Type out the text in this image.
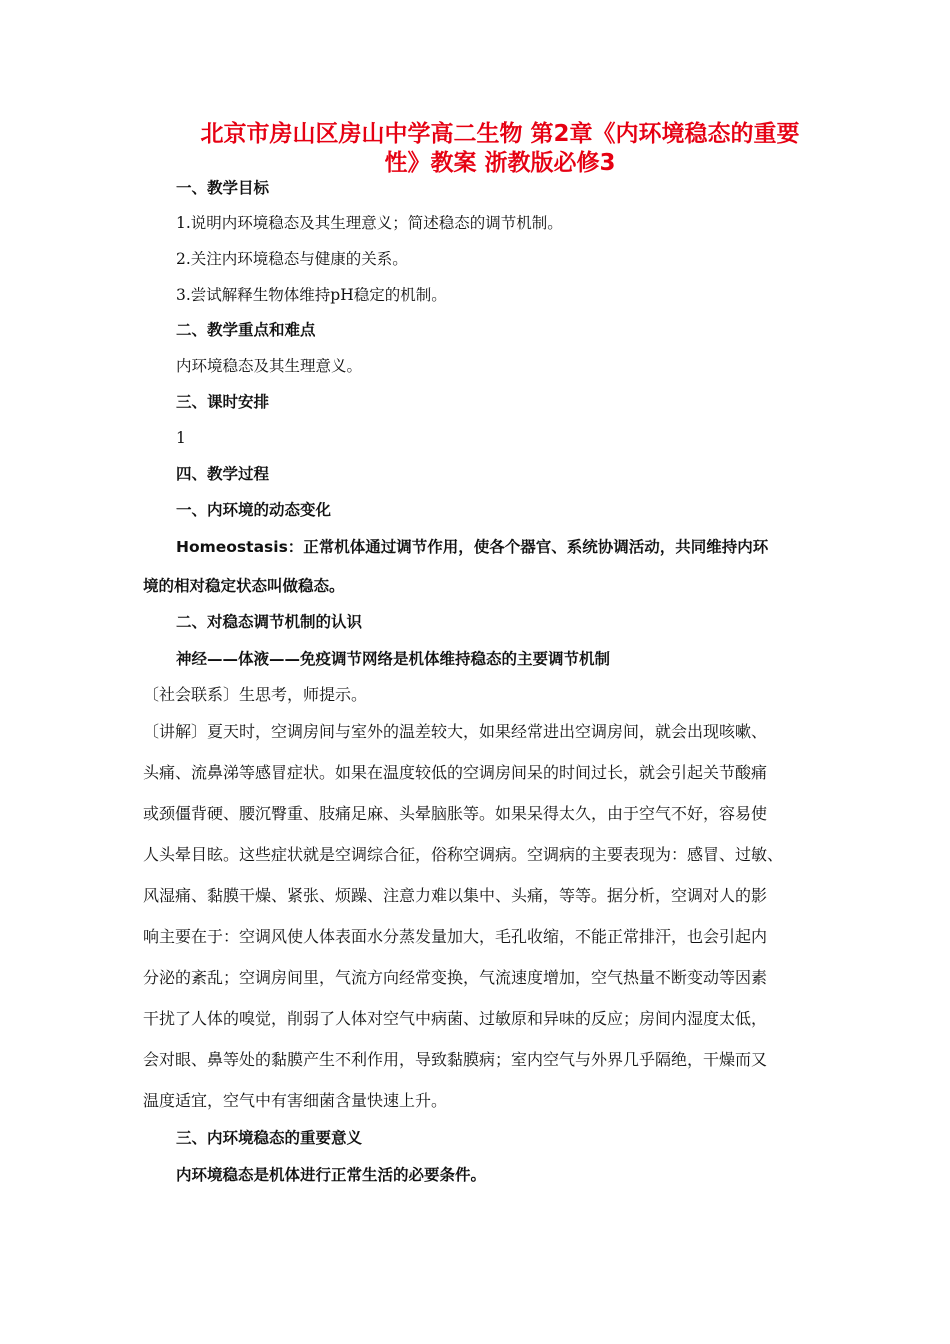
北京市房山区房山中学高二生物 第2章《内环境稳态的重要
性》教案 浙教版必修3
一、教学目标
1.说明内环境稳态及其生理意义；简述稳态的调节机制。
2.关注内环境稳态与健康的关系。
3.尝试解释生物体维持pH稳定的机制。
二、教学重点和难点
内环境稳态及其生理意义。
三、课时安排
1
四、教学过程
一、内环境的动态变化
Homeostasis：正常机体通过调节作用，使各个器官、系统协调活动，共同维持内环
境的相对稳定状态叫做稳态。
二、对稳态调节机制的认识
神经——体液——免疫调节网络是机体维持稳态的主要调节机制
〔社会联系〕生思考，师提示。
〔讲解〕夏天时，空调房间与室外的温差较大，如果经常进出空调房间，就会出现咳嗽、
头痛、流鼻涕等感冒症状。如果在温度较低的空调房间呆的时间过长，就会引起关节酸痛
或颈僵背硬、腰沉臀重、肢痛足麻、头晕脑胀等。如果呆得太久，由于空气不好，容易使
人头晕目眩。这些症状就是空调综合征，俗称空调病。空调病的主要表现为：感冒、过敏、
风湿痛、黏膜干燥、紧张、烦躁、注意力难以集中、头痛，等等。据分析，空调对人的影
响主要在于：空调风使人体表面水分蒸发量加大，毛孔收缩，不能正常排汗，也会引起内
分泌的紊乱；空调房间里，气流方向经常变换，气流速度增加，空气热量不断变动等因素
干扰了人体的嗅觉，削弱了人体对空气中病菌、过敏原和异味的反应；房间内湿度太低，
会对眼、鼻等处的黏膜产生不利作用，导致黏膜病；室内空气与外界几乎隔绝，干燥而又
温度适宜，空气中有害细菌含量快速上升。
三、内环境稳态的重要意义
内环境稳态是机体进行正常生活的必要条件。
